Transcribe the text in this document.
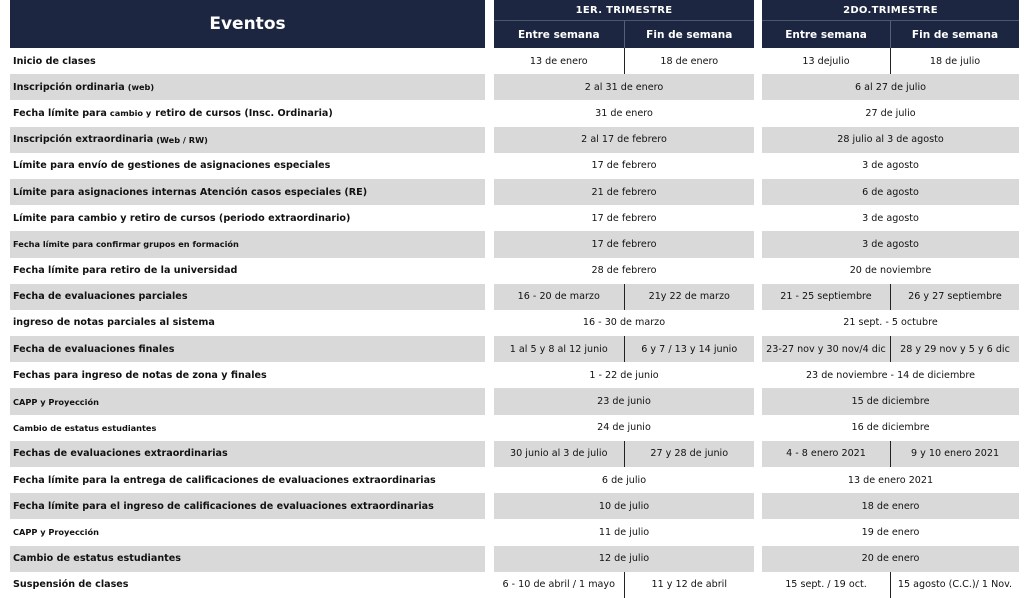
Eventos
1ER. TRIMESTRE
Entre semana	Fin de semana
2DO.TRIMESTRE
Entre semana	Fin de semana
Inicio de clases	13 de enero	18 de enero	13 dejulio	18 de julio
Inscripción ordinaria (web)	2 al 31 de enero	6 al 27 de julio
Fecha límite para cambio y retiro de cursos (Insc. Ordinaria)	31 de enero	27 de julio
Inscripción extraordinaria (Web / RW)	2 al 17 de febrero	28 julio al 3 de agosto
Límite para envío de gestiones de asignaciones especiales	17 de febrero	3 de agosto
Límite para asignaciones internas Atención casos especiales (RE)	21 de febrero	6 de agosto
Límite para cambio y retiro de cursos (periodo extraordinario)	17 de febrero	3 de agosto
Fecha límite para confirmar grupos en formación	17 de febrero	3 de agosto
Fecha límite para retiro de la universidad	28 de febrero	20 de noviembre
Fecha de evaluaciones parciales	16 - 20 de marzo	21y 22 de marzo	21 - 25 septiembre	26 y 27 septiembre
ingreso de notas parciales al sistema	16 - 30 de marzo	21 sept. - 5 octubre
Fecha de evaluaciones finales	1 al 5 y 8 al 12 junio	6 y 7 / 13 y 14 junio	23-27 nov y 30 nov/4 dic	28 y 29 nov y 5 y 6 dic
Fechas para ingreso de notas de zona y finales	1 - 22 de junio	23 de noviembre - 14 de diciembre
CAPP y Proyección	23 de junio	15 de diciembre
Cambio de estatus estudiantes	24 de junio	16 de diciembre
Fechas de evaluaciones extraordinarias	30 junio al 3 de julio	27 y 28 de junio	4 - 8 enero 2021	9 y 10 enero 2021
Fecha límite para la entrega de calificaciones de evaluaciones extraordinarias	6 de julio	13 de enero 2021
Fecha límite para el ingreso de calificaciones de evaluaciones extraordinarias	10 de julio	18 de enero
CAPP y Proyección	11 de julio	19 de enero
Cambio de estatus estudiantes	12 de julio	20 de enero
Suspensión de clases	6 - 10 de abril / 1 mayo	11 y 12 de abril	15 sept. / 19 oct.	15 agosto (C.C.)/ 1 Nov.
